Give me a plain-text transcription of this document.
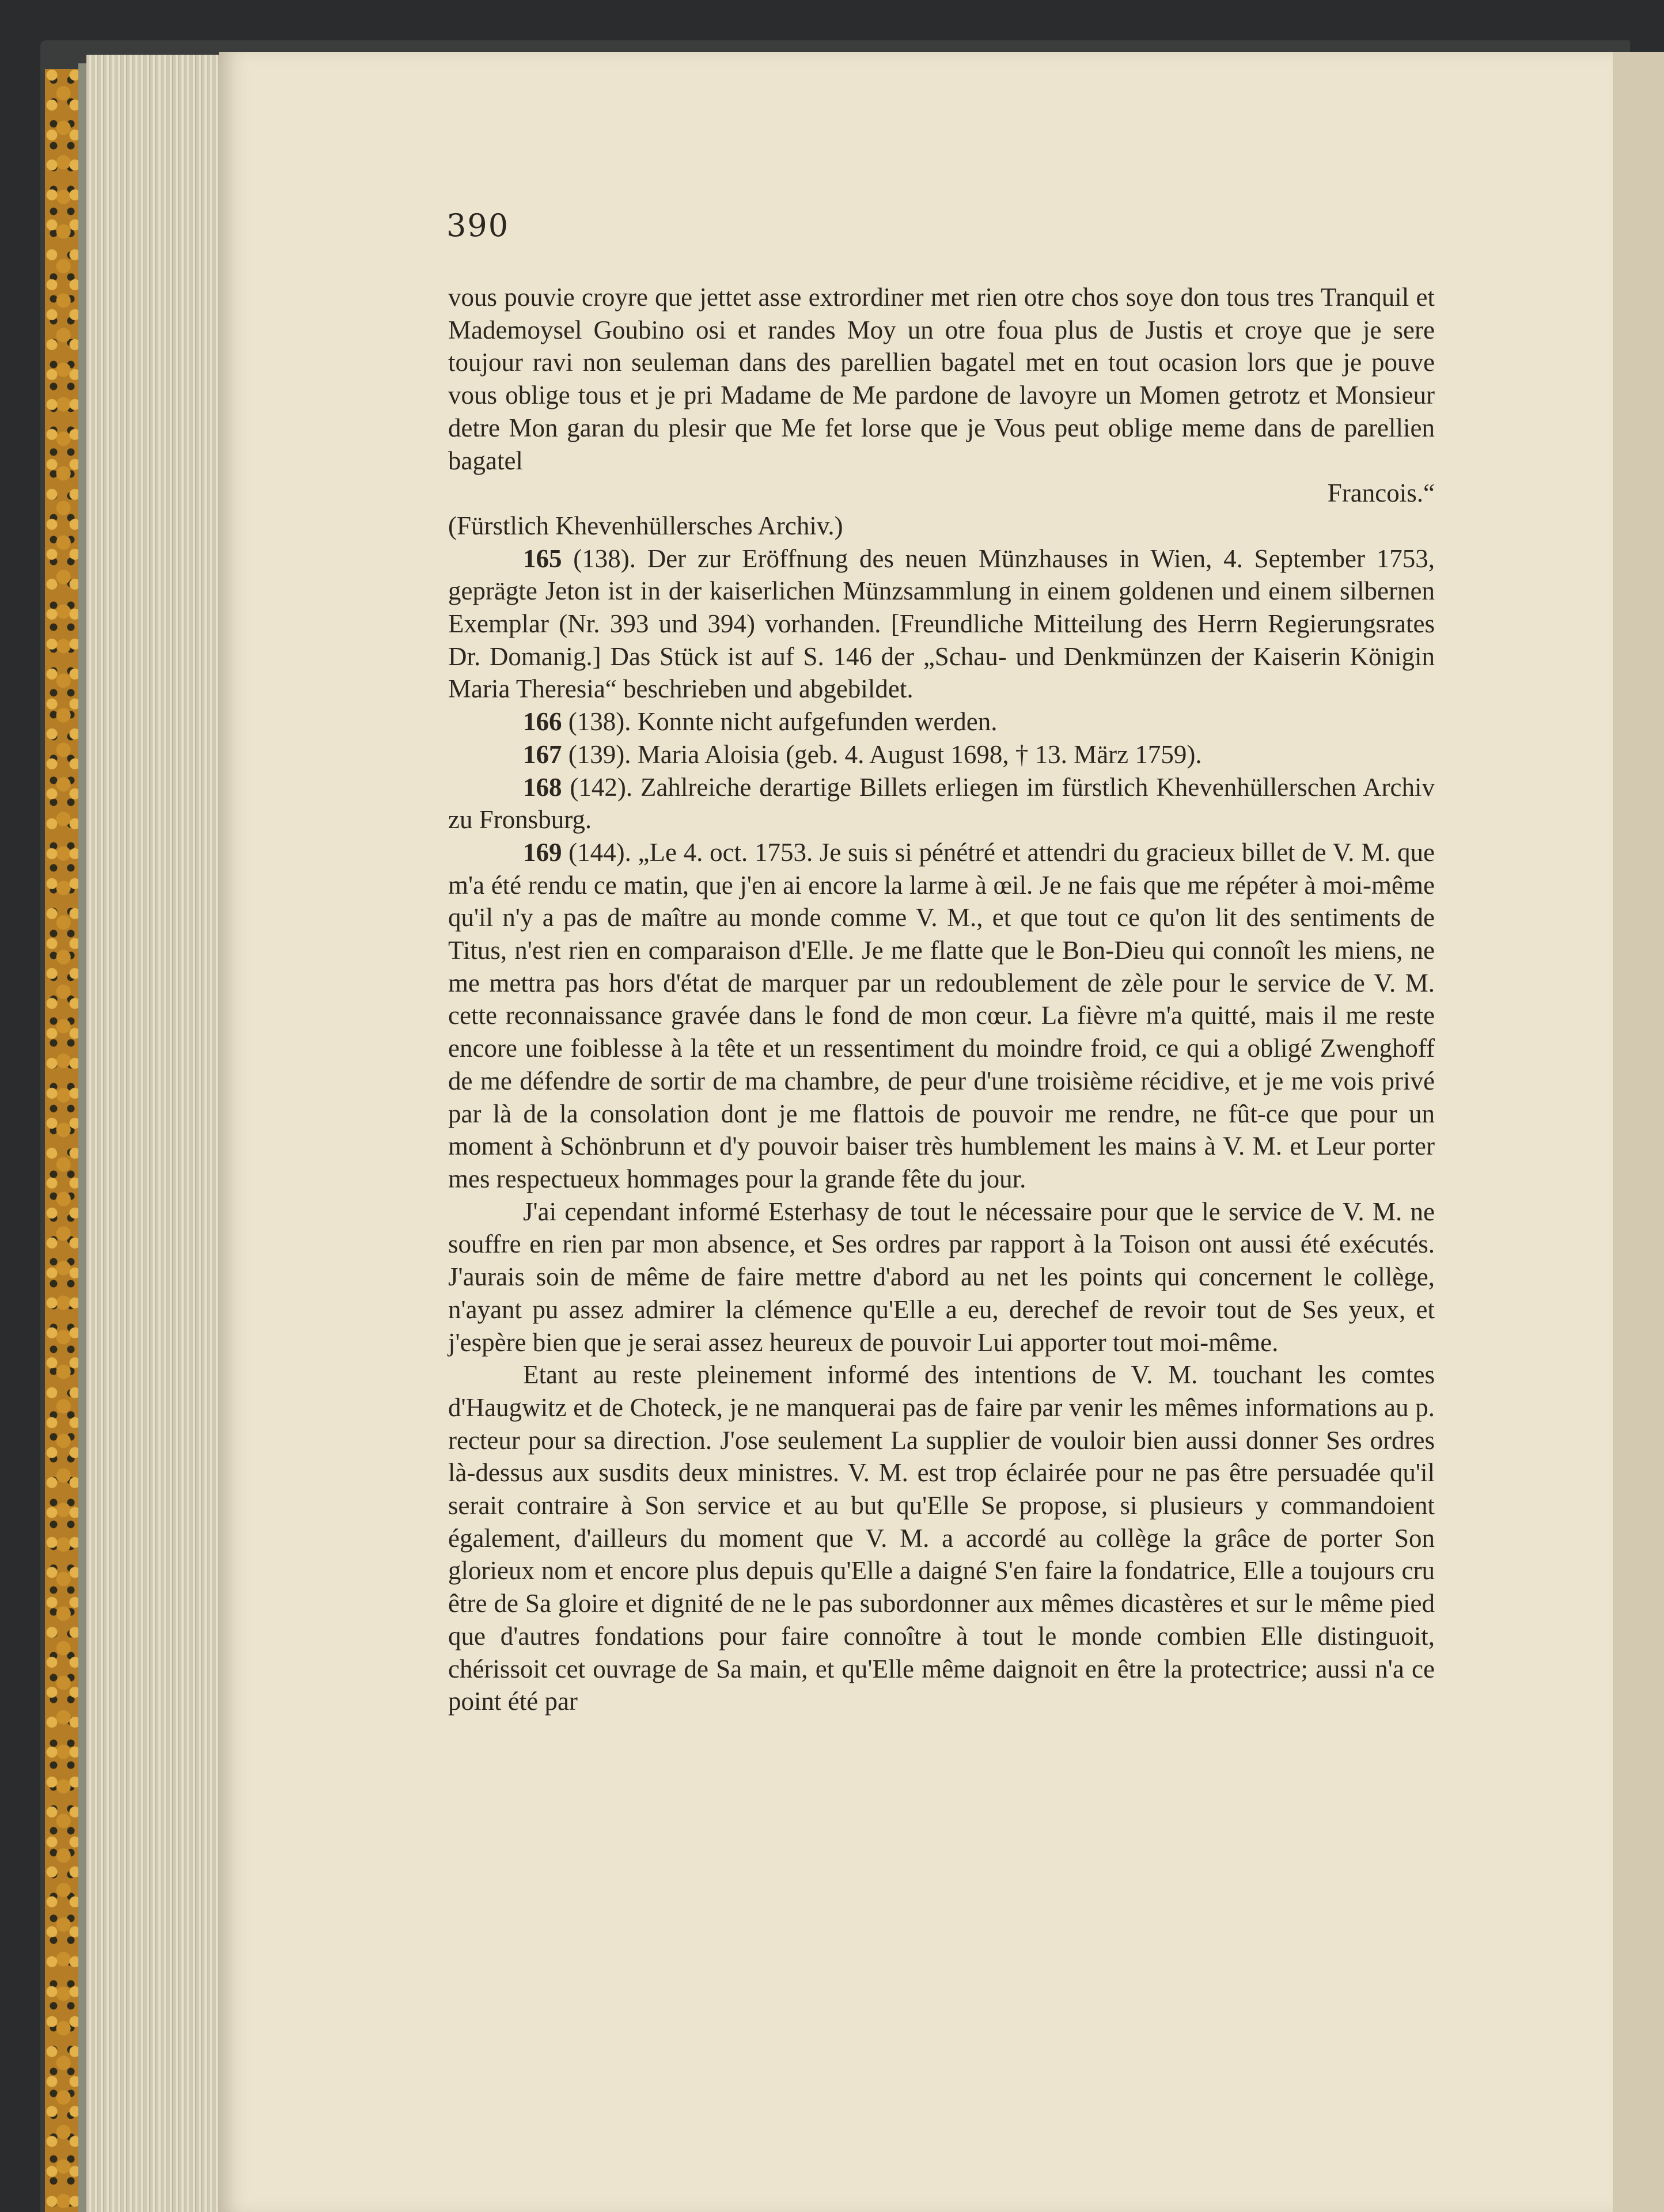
390

vous pouvie croyre que jettet asse extrordiner met rien otre chos soye don tous tres Tranquil et Mademoysel Goubino osi et randes Moy un otre foua plus de Justis et croye que je sere toujour ravi non seuleman dans des parellien bagatel met en tout ocasion lors que je pouve vous oblige tous et je pri Madame de Me pardone de lavoyre un Momen getrotz et Monsieur detre Mon garan du plesir que Me fet lorse que je Vous peut oblige meme dans de parellien bagatel

Francois.“

(Fürstlich Khevenhüllersches Archiv.)

165 (138). Der zur Eröffnung des neuen Münzhauses in Wien, 4. September 1753, geprägte Jeton ist in der kaiserlichen Münzsammlung in einem goldenen und einem silbernen Exemplar (Nr. 393 und 394) vorhanden. [Freundliche Mitteilung des Herrn Regierungsrates Dr. Domanig.] Das Stück ist auf S. 146 der „Schau- und Denkmünzen der Kaiserin Königin Maria Theresia“ beschrieben und abgebildet.

166 (138). Konnte nicht aufgefunden werden.

167 (139). Maria Aloisia (geb. 4. August 1698, † 13. März 1759).

168 (142). Zahlreiche derartige Billets erliegen im fürstlich Khevenhüllerschen Archiv zu Fronsburg.

169 (144). „Le 4. oct. 1753. Je suis si pénétré et attendri du gracieux billet de V. M. que m'a été rendu ce matin, que j'en ai encore la larme à œil. Je ne fais que me répéter à moi-même qu'il n'y a pas de maître au monde comme V. M., et que tout ce qu'on lit des sentiments de Titus, n'est rien en comparaison d'Elle. Je me flatte que le Bon-Dieu qui connoît les miens, ne me mettra pas hors d'état de marquer par un redoublement de zèle pour le service de V. M. cette reconnaissance gravée dans le fond de mon cœur. La fièvre m'a quitté, mais il me reste encore une foiblesse à la tête et un ressentiment du moindre froid, ce qui a obligé Zwenghoff de me défendre de sortir de ma chambre, de peur d'une troisième récidive, et je me vois privé par là de la consolation dont je me flattois de pouvoir me rendre, ne fût-ce que pour un moment à Schönbrunn et d'y pouvoir baiser très humblement les mains à V. M. et Leur porter mes respectueux hommages pour la grande fête du jour.

J'ai cependant informé Esterhasy de tout le nécessaire pour que le service de V. M. ne souffre en rien par mon absence, et Ses ordres par rapport à la Toison ont aussi été exécutés. J'aurais soin de même de faire mettre d'abord au net les points qui concernent le collège, n'ayant pu assez admirer la clémence qu'Elle a eu, derechef de revoir tout de Ses yeux, et j'espère bien que je serai assez heureux de pouvoir Lui apporter tout moi-même.

Etant au reste pleinement informé des intentions de V. M. touchant les comtes d'Haugwitz et de Choteck, je ne manquerai pas de faire par venir les mêmes informations au p. recteur pour sa direction. J'ose seulement La supplier de vouloir bien aussi donner Ses ordres là-dessus aux susdits deux ministres. V. M. est trop éclairée pour ne pas être persuadée qu'il serait contraire à Son service et au but qu'Elle Se propose, si plusieurs y commandoient également, d'ailleurs du moment que V. M. a accordé au collège la grâce de porter Son glorieux nom et encore plus depuis qu'Elle a daigné S'en faire la fondatrice, Elle a toujours cru être de Sa gloire et dignité de ne le pas subordonner aux mêmes dicastères et sur le même pied que d'autres fondations pour faire connoître à tout le monde combien Elle distinguoit, chérissoit cet ouvrage de Sa main, et qu'Elle même daignoit en être la protectrice; aussi n'a ce point été par
